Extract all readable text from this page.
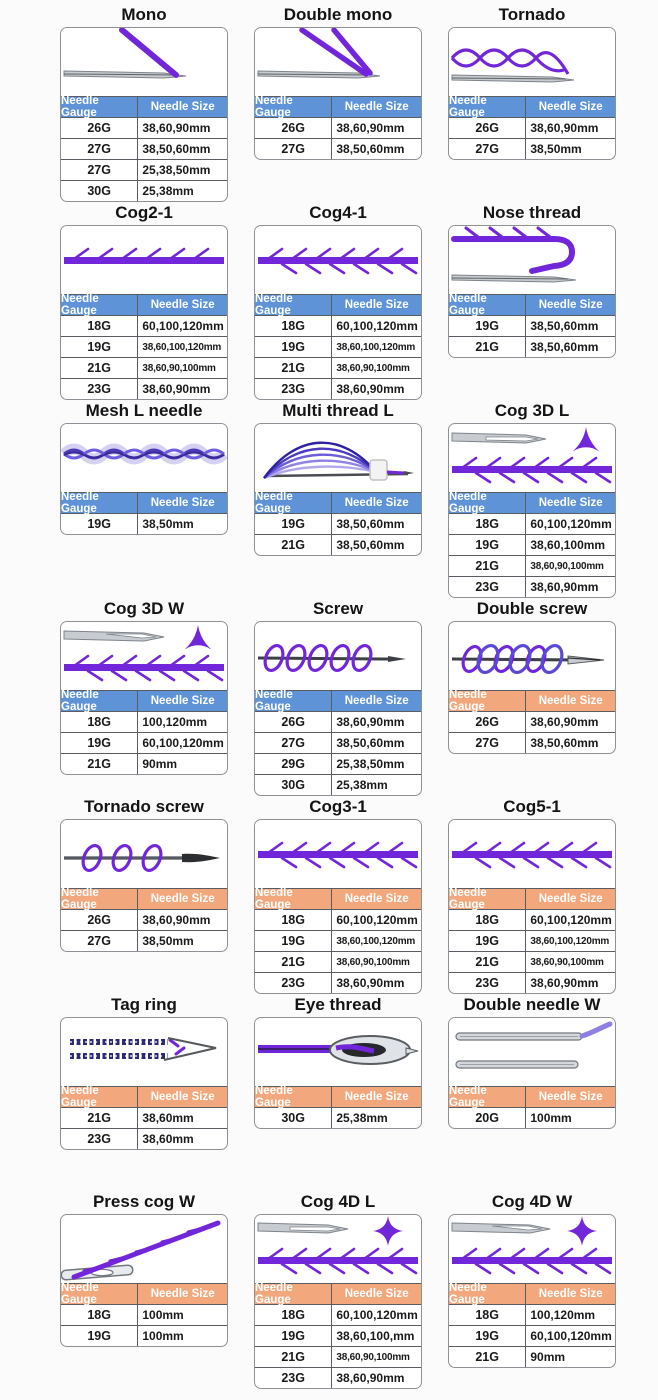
Mono
Needle Gauge	Needle Size
26G	38,60,90mm
27G	38,50,60mm
27G	25,38,50mm
30G	25,38mm
Double mono
Needle Gauge	Needle Size
26G	38,60,90mm
27G	38,50,60mm
Tornado
Needle Gauge	Needle Size
26G	38,60,90mm
27G	38,50mm
Cog2-1
Needle Gauge	Needle Size
18G	60,100,120mm
19G	38,60,100,120mm
21G	38,60,90,100mm
23G	38,60,90mm
Cog4-1
Needle Gauge	Needle Size
18G	60,100,120mm
19G	38,60,100,120mm
21G	38,60,90,100mm
23G	38,60,90mm
Nose thread
Needle Gauge	Needle Size
19G	38,50,60mm
21G	38,50,60mm
Mesh L needle
Needle Gauge	Needle Size
19G	38,50mm
Multi thread L
Needle Gauge	Needle Size
19G	38,50,60mm
21G	38,50,60mm
Cog 3D L
Needle Gauge	Needle Size
18G	60,100,120mm
19G	38,60,100mm
21G	38,60,90,100mm
23G	38,60,90mm
Cog 3D W
Needle Gauge	Needle Size
18G	100,120mm
19G	60,100,120mm
21G	90mm
Screw
Needle Gauge	Needle Size
26G	38,60,90mm
27G	38,50,60mm
29G	25,38,50mm
30G	25,38mm
Double screw
Needle Gauge	Needle Size
26G	38,60,90mm
27G	38,50,60mm
Tornado screw
Needle Gauge	Needle Size
26G	38,60,90mm
27G	38,50mm
Cog3-1
Needle Gauge	Needle Size
18G	60,100,120mm
19G	38,60,100,120mm
21G	38,60,90,100mm
23G	38,60,90mm
Cog5-1
Needle Gauge	Needle Size
18G	60,100,120mm
19G	38,60,100,120mm
21G	38,60,90,100mm
23G	38,60,90mm
Tag ring
Needle Gauge	Needle Size
21G	38,60mm
23G	38,60mm
Eye thread
Needle Gauge	Needle Size
30G	25,38mm
Double needle W
Needle Gauge	Needle Size
20G	100mm
Press cog W
Needle Gauge	Needle Size
18G	100mm
19G	100mm
Cog 4D L
Needle Gauge	Needle Size
18G	60,100,120mm
19G	38,60,100,mm
21G	38,60,90,100mm
23G	38,60,90mm
Cog 4D W
Needle Gauge	Needle Size
18G	100,120mm
19G	60,100,120mm
21G	90mm
